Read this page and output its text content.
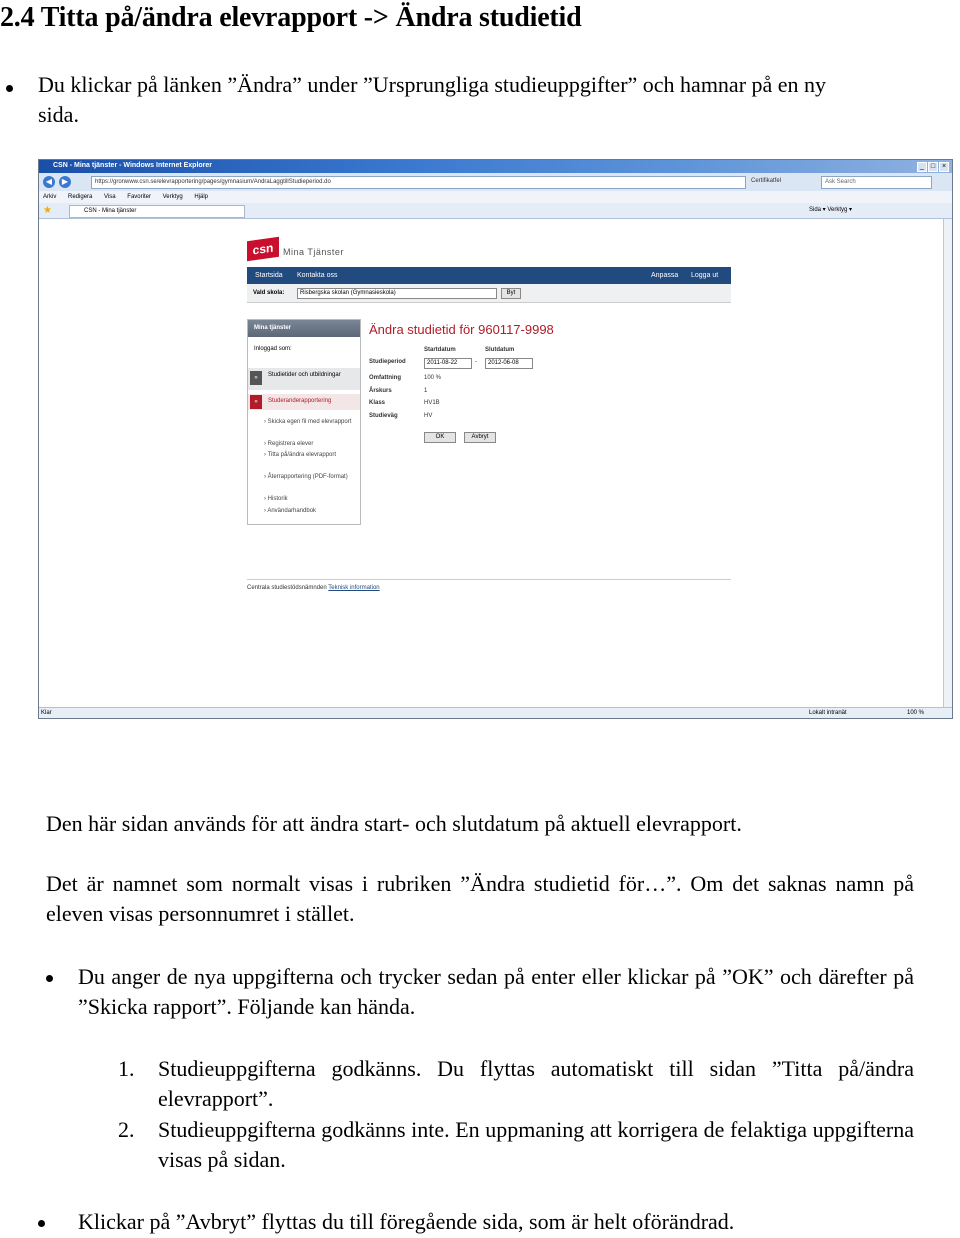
2.4 Titta på/ändra elevrapport -> Ändra studietid
Du klickar på länken ”Ändra” under ”Ursprungliga studieuppgifter” och hamnar på en ny sida.
CSN - Mina tjänster - Windows Internet Explorer	_ □ ×
◀	▶	https://gronwww.csn.se/elevrapportering/pages/gymnasium/AndraLaggtillStudieperiod.do	Certifikatfel	Ask Search
Arkiv Redigera Visa Favoriter Verktyg Hjälp
★	CSN - Mina tjänster	Sida ▾ Verktyg ▾
csn	Mina Tjänster
Startsida Kontakta oss	Anpassa Logga ut
Vald skola:	Risbergska skolan (Gymnasieskola)	Byt
Mina tjänster
Inloggad som:
»	Studietider och utbildningar
»	Studeranderapportering
› Skicka egen fil med elevrapport
› Registrera elever
› Titta på/ändra elevrapport
› Återrapportering (PDF-format)
› Historik
› Användarhandbok
Ändra studietid för 960117-9998
Startdatum	Slutdatum
Studieperiod	2011-08-22	-	2012-06-08
Omfattning	100 %
Årskurs	1
Klass	HV1B
Studieväg	HV
OK	Avbryt
Centrala studiestödsnämnden Teknisk information
Klar	Lokalt intranät	100 %
Den här sidan används för att ändra start- och slutdatum på aktuell elevrapport.
Det är namnet som normalt visas i rubriken ”Ändra studietid för…”. Om det saknas namn på eleven visas personnumret i stället.
Du anger de nya uppgifterna och trycker sedan på enter eller klickar på ”OK” och därefter på ”Skicka rapport”. Följande kan hända.
1. Studieuppgifterna godkänns. Du flyttas automatiskt till sidan ”Titta på/ändra elevrapport”.
2. Studieuppgifterna godkänns inte. En uppmaning att korrigera de felaktiga uppgifterna visas på sidan.
Klickar på ”Avbryt” flyttas du till föregående sida, som är helt oförändrad.
